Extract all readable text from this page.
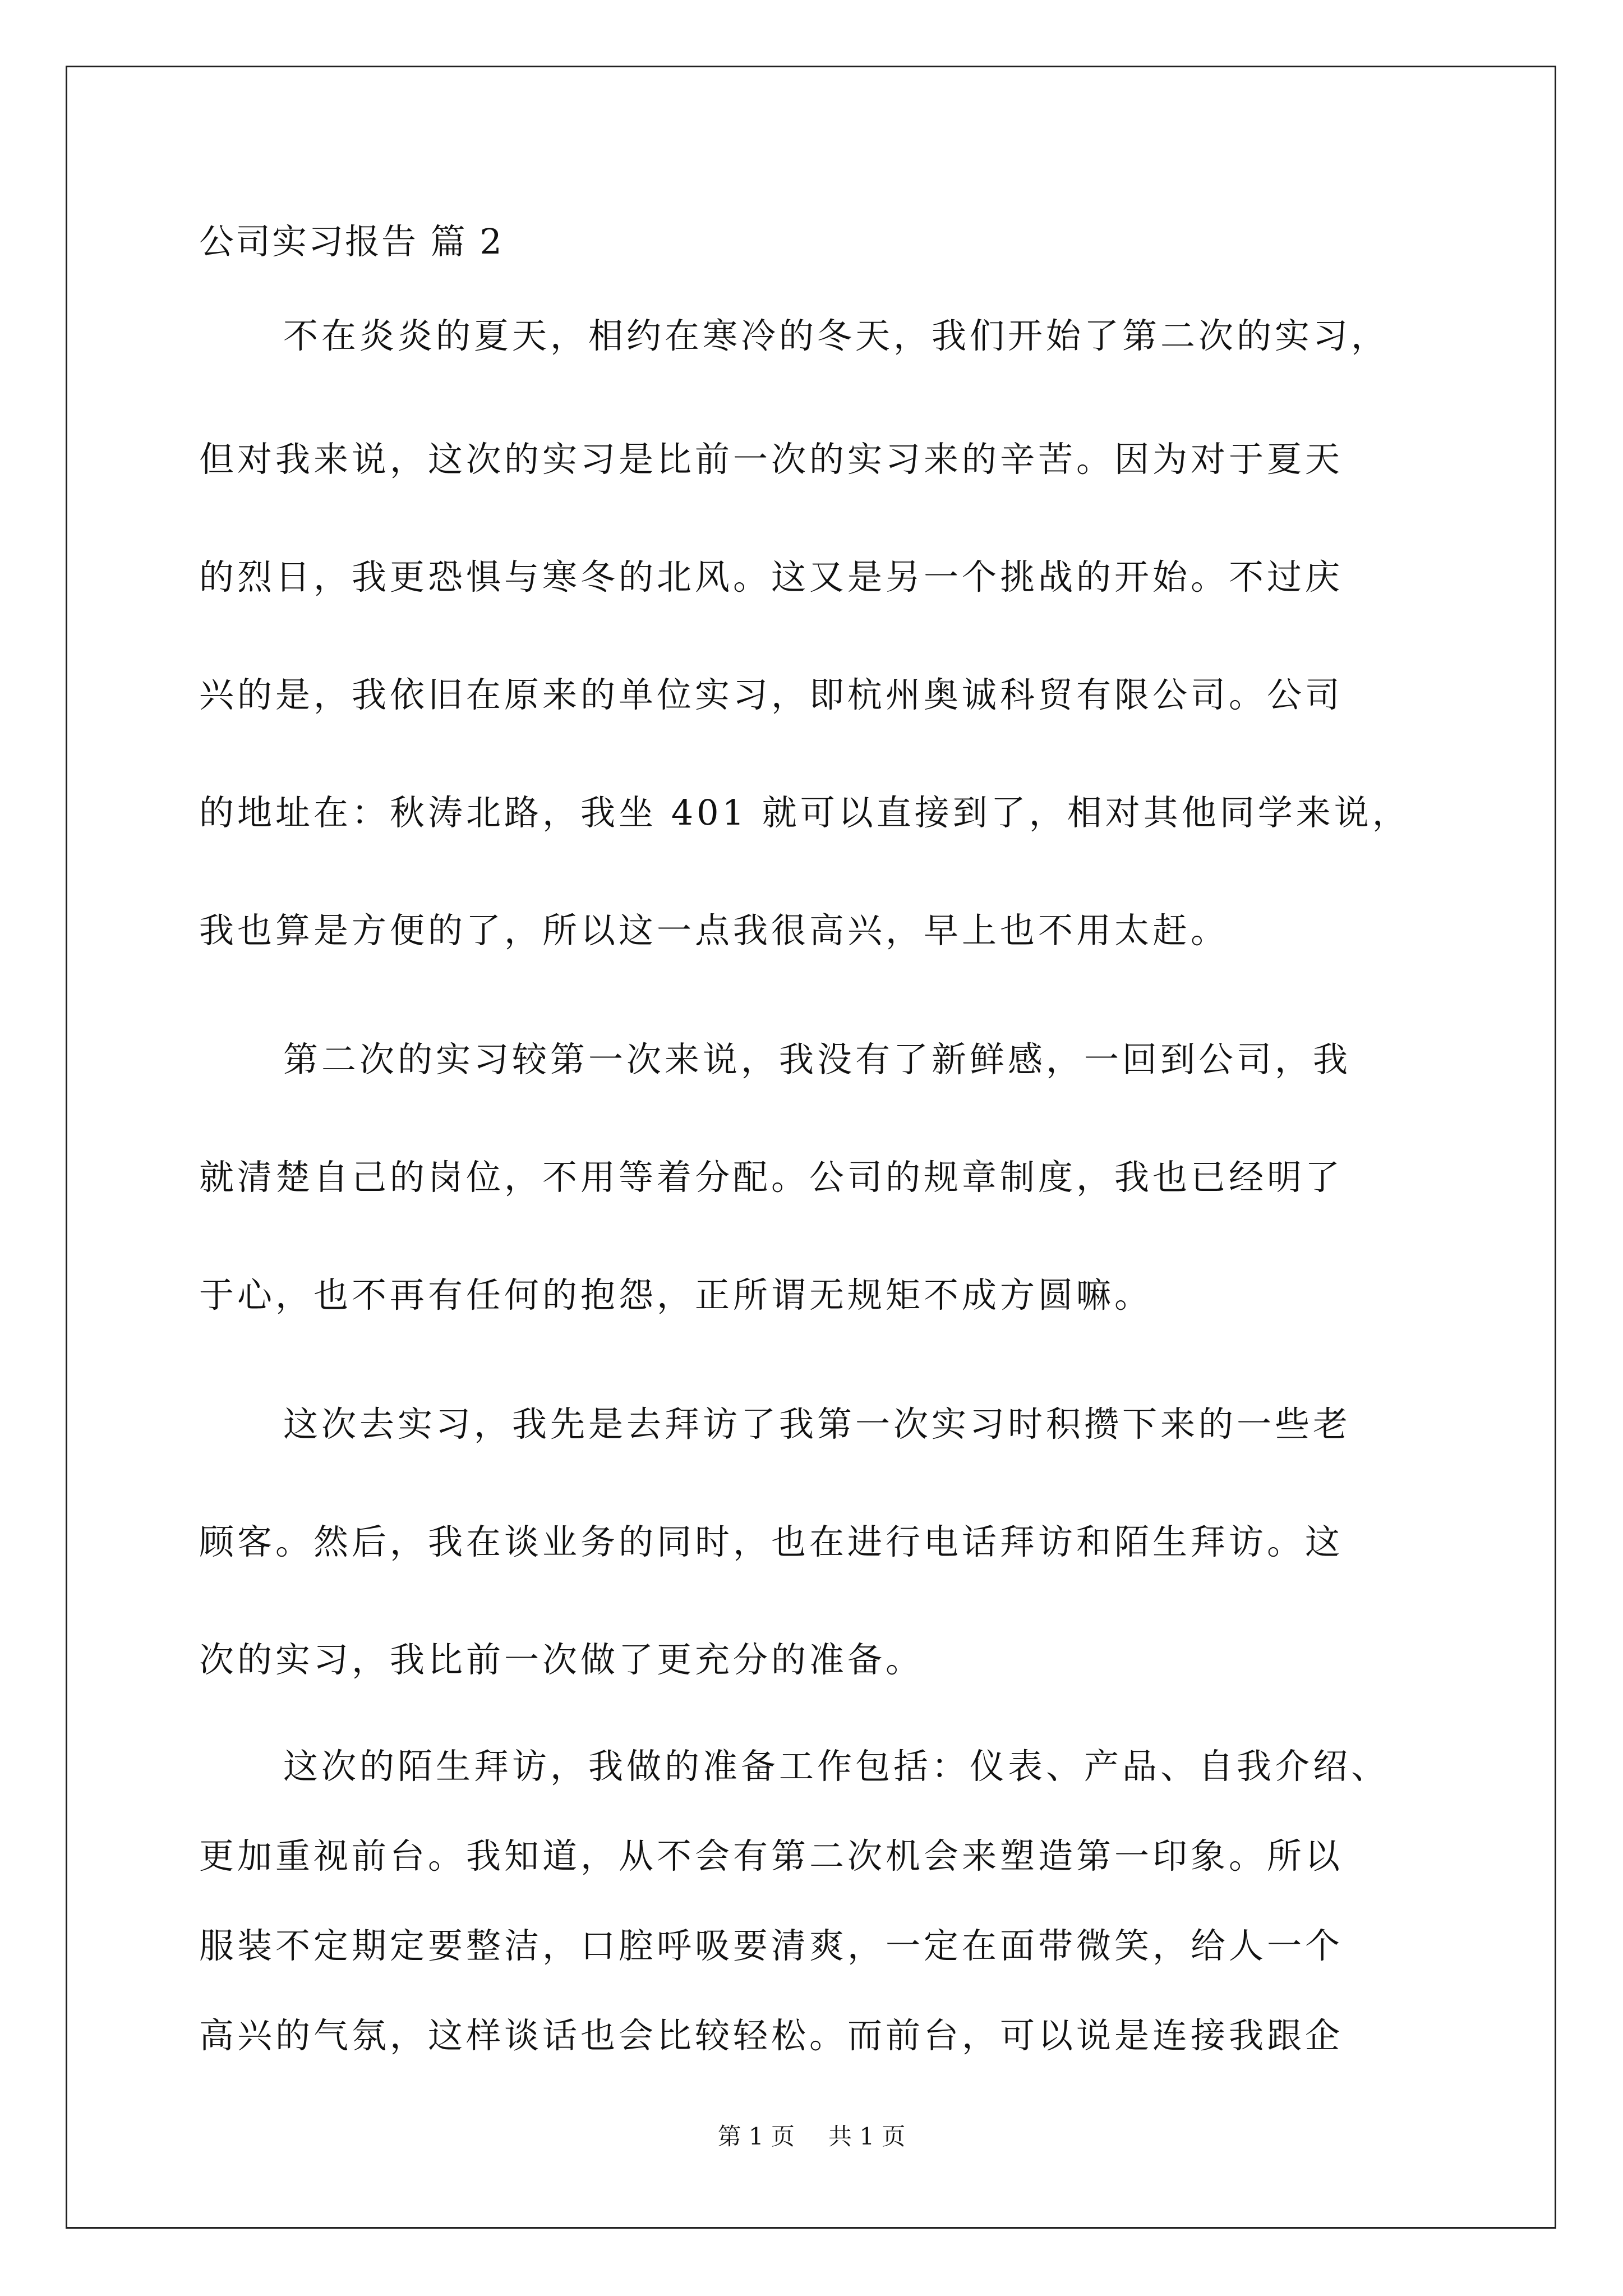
公司实习报告 篇 2
不在炎炎的夏天，相约在寒冷的冬天，我们开始了第二次的实习，
但对我来说，这次的实习是比前一次的实习来的辛苦。因为对于夏天
的烈日，我更恐惧与寒冬的北风。这又是另一个挑战的开始。不过庆
兴的是，我依旧在原来的单位实习，即杭州奥诚科贸有限公司。公司
的地址在：秋涛北路，我坐 401 就可以直接到了，相对其他同学来说，
我也算是方便的了，所以这一点我很高兴，早上也不用太赶。
第二次的实习较第一次来说，我没有了新鲜感，一回到公司，我
就清楚自己的岗位，不用等着分配。公司的规章制度，我也已经明了
于心，也不再有任何的抱怨，正所谓无规矩不成方圆嘛。
这次去实习，我先是去拜访了我第一次实习时积攒下来的一些老
顾客。然后，我在谈业务的同时，也在进行电话拜访和陌生拜访。这
次的实习，我比前一次做了更充分的准备。
这次的陌生拜访，我做的准备工作包括：仪表、产品、自我介绍、
更加重视前台。我知道，从不会有第二次机会来塑造第一印象。所以
服装不定期定要整洁，口腔呼吸要清爽，一定在面带微笑，给人一个
第 1 页 共 1 页
高兴的气氛，这样谈话也会比较轻松。而前台，可以说是连接我跟企
